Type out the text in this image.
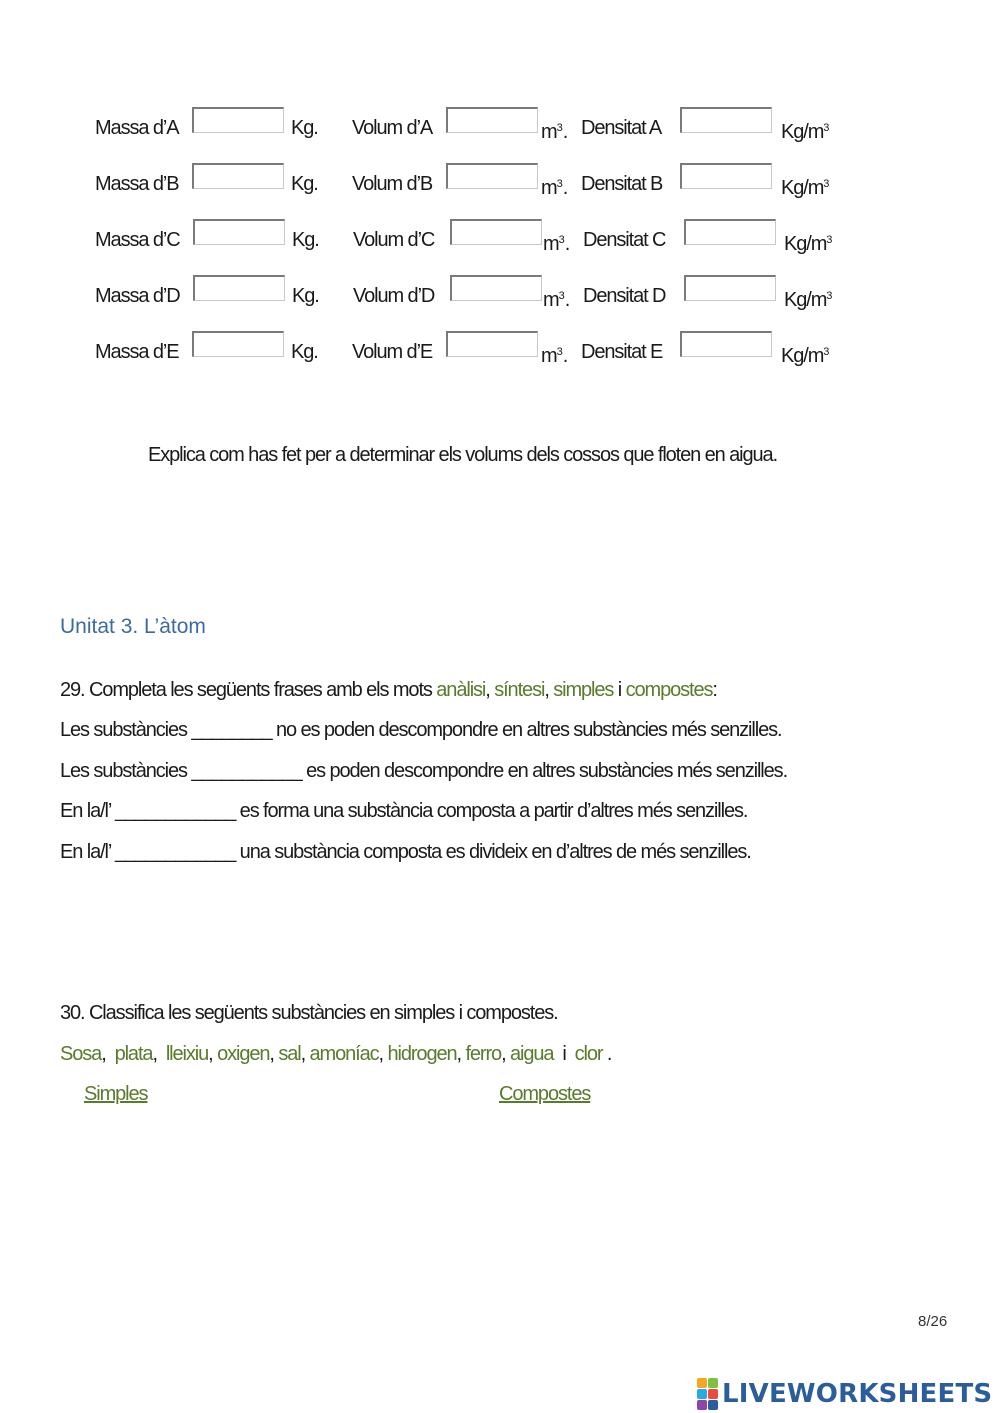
Massa d’A	Kg. Volum d’A	$m^3$. Densitat A	$Kg/m^3$
Massa d’B	Kg. Volum d’B	$m^3$. Densitat B	$Kg/m^3$
Massa d’C	Kg. Volum d’C	$m^3$. Densitat C	$Kg/m^3$
Massa d’D	Kg. Volum d’D	$m^3$. Densitat D	$Kg/m^3$
Massa d’E	Kg. Volum d’E	$m^3$. Densitat E	$Kg/m^3$
Explica com has fet per a determinar els volums dels cossos que floten en aigua.
Unitat 3. L’àtom
29. Completa les següents frases amb els mots anàlisi, síntesi, simples i compostes:
Les substàncies ________ no es poden descompondre en altres substàncies més senzilles.
Les substàncies ___________ es poden descompondre en altres substàncies més senzilles.
En la/l’ ____________ es forma una substància composta a partir d’altres més senzilles.
En la/l’ ____________ una substància composta es divideix en d’altres de més senzilles.
30. Classifica les següents substàncies en simples i compostes.
Sosa,  plata,  lleixiu, oxigen, sal, amoníac, hidrogen, ferro, aigua  i  clor .
Simples	Compostes
8/26
LIVEWORKSHEETS
